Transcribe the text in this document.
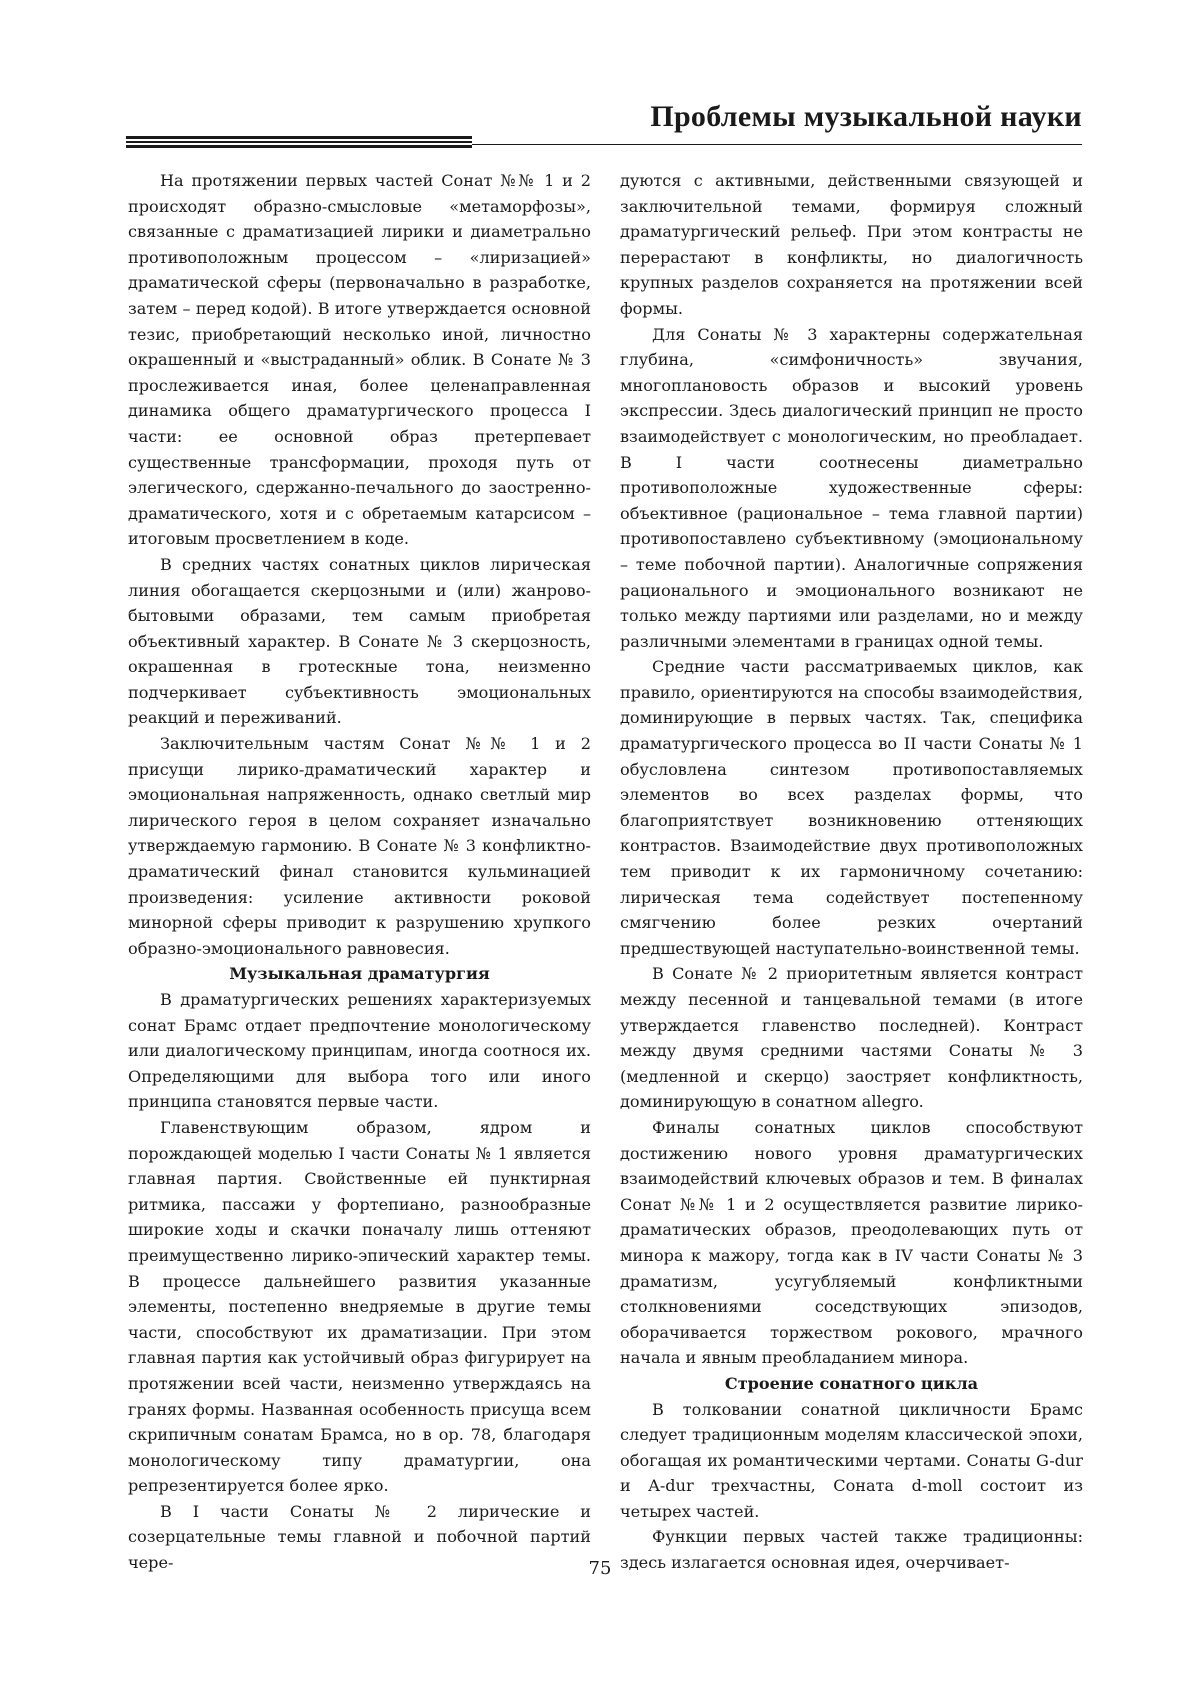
Проблемы музыкальной науки

На протяжении первых частей Сонат №№ 1 и 2 происходят образно-смысловые «метаморфозы», связанные с драматизацией лирики и диаметрально противоположным процессом – «лиризацией» драматической сферы (первоначально в разработке, затем – перед кодой). В итоге утверждается основной тезис, приобретающий несколько иной, личностно окрашенный и «выстраданный» облик. В Сонате № 3 прослеживается иная, более целенаправленная динамика общего драматургического процесса I части: ее основной образ претерпевает существенные трансформации, проходя путь от элегического, сдержанно-печального до заостренно-драматического, хотя и с обретаемым катарсисом – итоговым просветлением в коде.

В средних частях сонатных циклов лирическая линия обогащается скерцозными и (или) жанрово-бытовыми образами, тем самым приобретая объективный характер. В Сонате № 3 скерцозность, окрашенная в гротескные тона, неизменно подчеркивает субъективность эмоциональных реакций и переживаний.

Заключительным частям Сонат №№ 1 и 2 присущи лирико-драматический характер и эмоциональная напряженность, однако светлый мир лирического героя в целом сохраняет изначально утверждаемую гармонию. В Сонате № 3 конфликтно-драматический финал становится кульминацией произведения: усиление активности роковой минорной сферы приводит к разрушению хрупкого образно-эмоционального равновесия.

Музыкальная драматургия

В драматургических решениях характеризуемых сонат Брамс отдает предпочтение монологическому или диалогическому принципам, иногда соотнося их. Определяющими для выбора того или иного принципа становятся первые части.

Главенствующим образом, ядром и порождающей моделью I части Сонаты № 1 является главная партия. Свойственные ей пунктирная ритмика, пассажи у фортепиано, разнообразные широкие ходы и скачки поначалу лишь оттеняют преимущественно лирико-эпический характер темы. В процессе дальнейшего развития указанные элементы, постепенно внедряемые в другие темы части, способствуют их драматизации. При этом главная партия как устойчивый образ фигурирует на протяжении всей части, неизменно утверждаясь на гранях формы. Названная особенность присуща всем скрипичным сонатам Брамса, но в ор. 78, благодаря монологическому типу драматургии, она репрезентируется более ярко.

В I части Сонаты № 2 лирические и созерцательные темы главной и побочной партий чере-

дуются с активными, действенными связующей и заключительной темами, формируя сложный драматургический рельеф. При этом контрасты не перерастают в конфликты, но диалогичность крупных разделов сохраняется на протяжении всей формы.

Для Сонаты № 3 характерны содержательная глубина, «симфоничность» звучания, многоплановость образов и высокий уровень экспрессии. Здесь диалогический принцип не просто взаимодействует с монологическим, но преобладает. В I части соотнесены диаметрально противоположные художественные сферы: объективное (рациональное – тема главной партии) противопоставлено субъективному (эмоциональному – теме побочной партии). Аналогичные сопряжения рационального и эмоционального возникают не только между партиями или разделами, но и между различными элементами в границах одной темы.

Средние части рассматриваемых циклов, как правило, ориентируются на способы взаимодействия, доминирующие в первых частях. Так, специфика драматургического процесса во II части Сонаты № 1 обусловлена синтезом противопоставляемых элементов во всех разделах формы, что благоприятствует возникновению оттеняющих контрастов. Взаимодействие двух противоположных тем приводит к их гармоничному сочетанию: лирическая тема содействует постепенному смягчению более резких очертаний предшествующей наступательно-воинственной темы.

В Сонате № 2 приоритетным является контраст между песенной и танцевальной темами (в итоге утверждается главенство последней). Контраст между двумя средними частями Сонаты № 3 (медленной и скерцо) заостряет конфликтность, доминирующую в сонатном allegro.

Финалы сонатных циклов способствуют достижению нового уровня драматургических взаимодействий ключевых образов и тем. В финалах Сонат №№ 1 и 2 осуществляется развитие лирико-драматических образов, преодолевающих путь от минора к мажору, тогда как в IV части Сонаты № 3 драматизм, усугубляемый конфликтными столкновениями соседствующих эпизодов, оборачивается торжеством рокового, мрачного начала и явным преобладанием минора.

Строение сонатного цикла

В толковании сонатной цикличности Брамс следует традиционным моделям классической эпохи, обогащая их романтическими чертами. Сонаты G-dur и A-dur трехчастны, Соната d-moll состоит из четырех частей.

Функции первых частей также традиционны: здесь излагается основная идея, очерчивает-

75
